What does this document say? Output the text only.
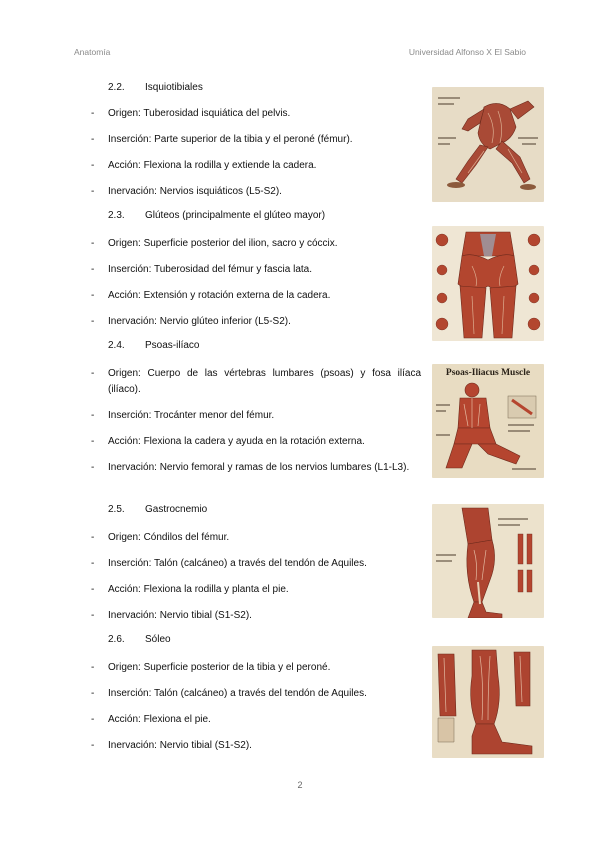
Anatomía	Universidad Alfonso X El Sabio
2.2. Isquiotibiales
- Origen: Tuberosidad isquiática del pelvis.
- Inserción: Parte superior de la tibia y el peroné (fémur).
- Acción: Flexiona la rodilla y extiende la cadera.
- Inervación: Nervios isquiáticos (L5-S2).
2.3. Glúteos (principalmente el glúteo mayor)
- Origen: Superficie posterior del ilion, sacro y cóccix.
- Inserción: Tuberosidad del fémur y fascia lata.
- Acción: Extensión y rotación externa de la cadera.
- Inervación: Nervio glúteo inferior (L5-S2).
2.4. Psoas-ilíaco
- Origen: Cuerpo de las vértebras lumbares (psoas) y fosa ilíaca (ilíaco).
- Inserción: Trocánter menor del fémur.
- Acción: Flexiona la cadera y ayuda en la rotación externa.
- Inervación: Nervio femoral y ramas de los nervios lumbares (L1-L3).
2.5. Gastrocnemio
- Origen: Cóndilos del fémur.
- Inserción: Talón (calcáneo) a través del tendón de Aquiles.
- Acción: Flexiona la rodilla y planta el pie.
- Inervación: Nervio tibial (S1-S2).
2.6. Sóleo
- Origen: Superficie posterior de la tibia y el peroné.
- Inserción: Talón (calcáneo) a través del tendón de Aquiles.
- Acción: Flexiona el pie.
- Inervación: Nervio tibial (S1-S2).
Psoas-Iliacus Muscle
2
